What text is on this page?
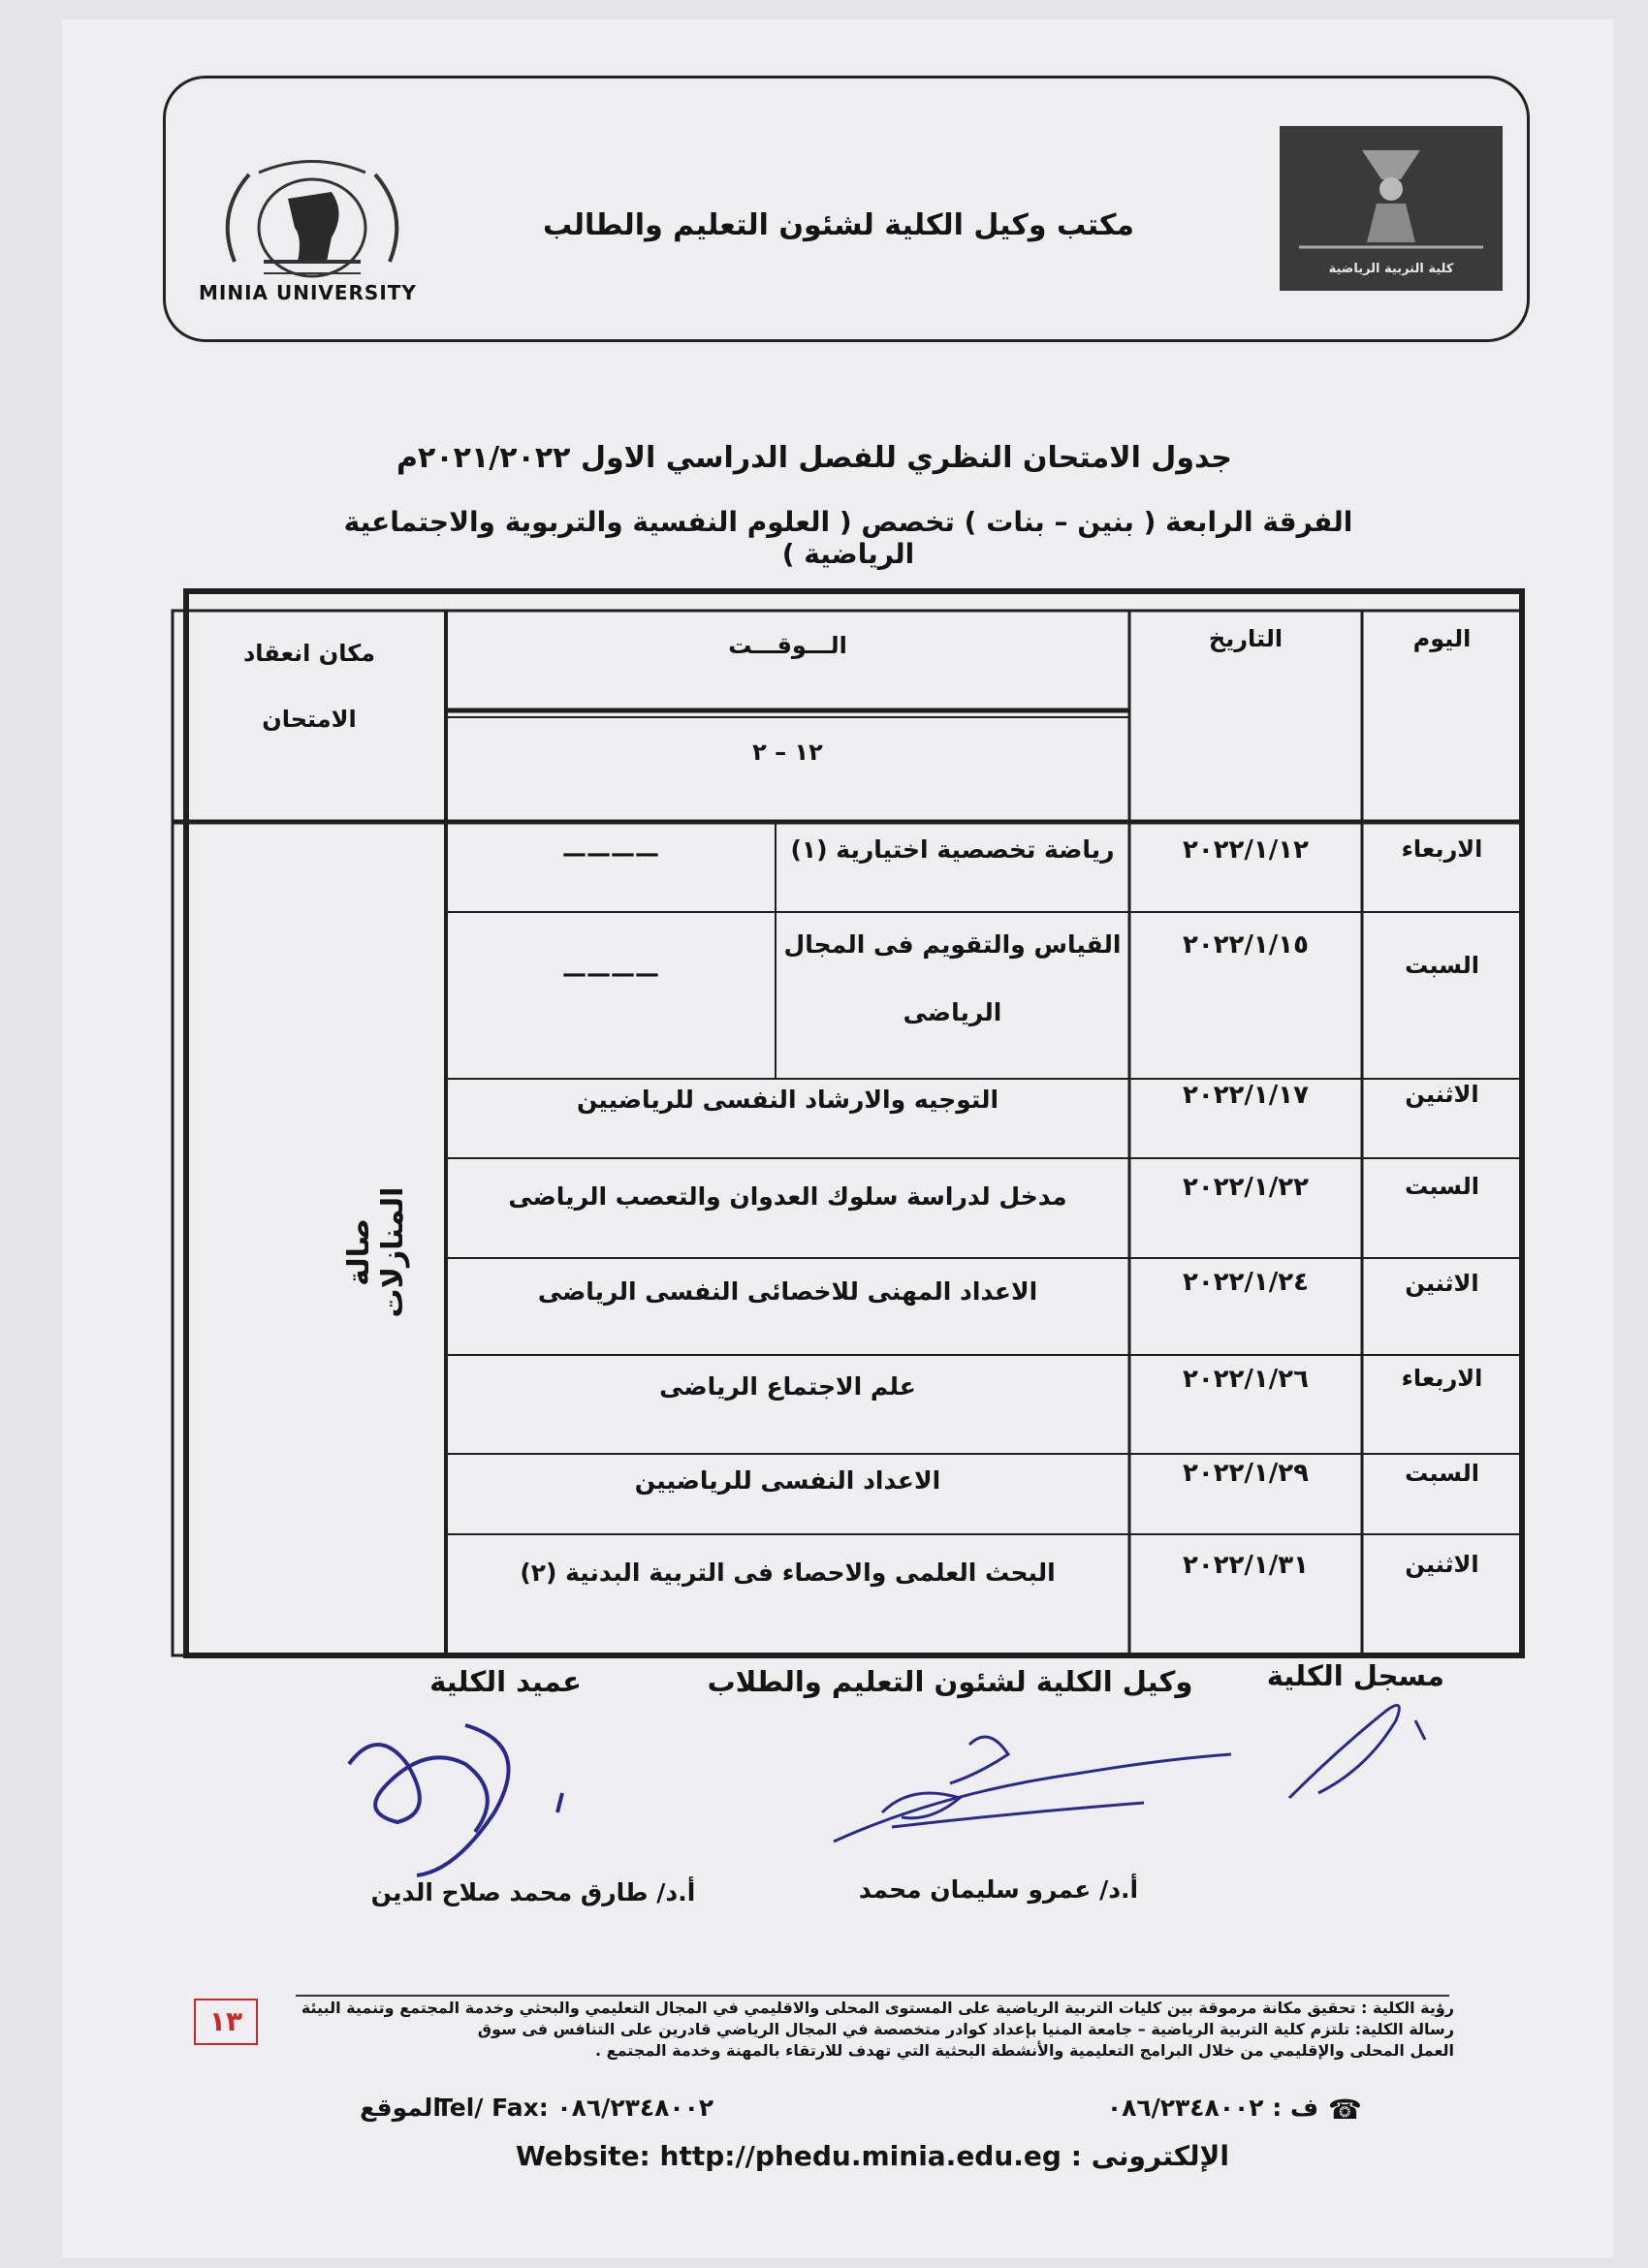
MINIA UNIVERSITY
مكتب وكيل الكلية لشئون التعليم والطالب
كلية التربية الرياضية
جدول الامتحان النظري للفصل الدراسي الاول ٢٠٢١/٢٠٢٢م
الفرقة الرابعة ( بنين – بنات ) تخصص ( العلوم النفسية والتربوية والاجتماعية الرياضية )
اليوم
التاريخ
الـــوقـــت
١٢ – ٢
مكان انعقاد
الامتحان
صالة المنازلات
الاربعاء
٢٠٢٢/١/١٢
رياضة تخصصية اختيارية (١)
————
السبت
٢٠٢٢/١/١٥
القياس والتقويم فى المجال
الرياضى
————
الاثنين
٢٠٢٢/١/١٧
التوجيه والارشاد النفسى للرياضيين
السبت
٢٠٢٢/١/٢٢
مدخل لدراسة سلوك العدوان والتعصب الرياضى
الاثنين
٢٠٢٢/١/٢٤
الاعداد المهنى للاخصائى النفسى الرياضى
الاربعاء
٢٠٢٢/١/٢٦
علم الاجتماع الرياضى
السبت
٢٠٢٢/١/٢٩
الاعداد النفسى للرياضيين
الاثنين
٢٠٢٢/١/٣١
البحث العلمى والاحصاء فى التربية البدنية (٢)
مسجل الكلية
وكيل الكلية لشئون التعليم والطلاب
عميد الكلية
أ.د/ عمرو سليمان محمد
أ.د/ طارق محمد صلاح الدين
١٣	رؤية الكلية : تحقيق مكانة مرموقة بين كليات التربية الرياضية على المستوى المحلى والاقليمي في المجال التعليمي والبحثي وخدمة المجتمع وتنمية البيئة
رسالة الكلية: تلتزم كلية التربية الرياضية – جامعة المنيا بإعداد كوادر متخصصة في المجال الرياضي قادرين على التنافس فى سوق
العمل المحلى والإقليمي من خلال البرامج التعليمية والأنشطة البحثية التي تهدف للارتقاء بالمهنة وخدمة المجتمع .
☎
ف : ٠٨٦/٢٣٤٨٠٠٢
Tel/ Fax: ٠٨٦/٢٣٤٨٠٠٢
الموقع
Website: http://phedu.minia.edu.eg : الإلكترونى
